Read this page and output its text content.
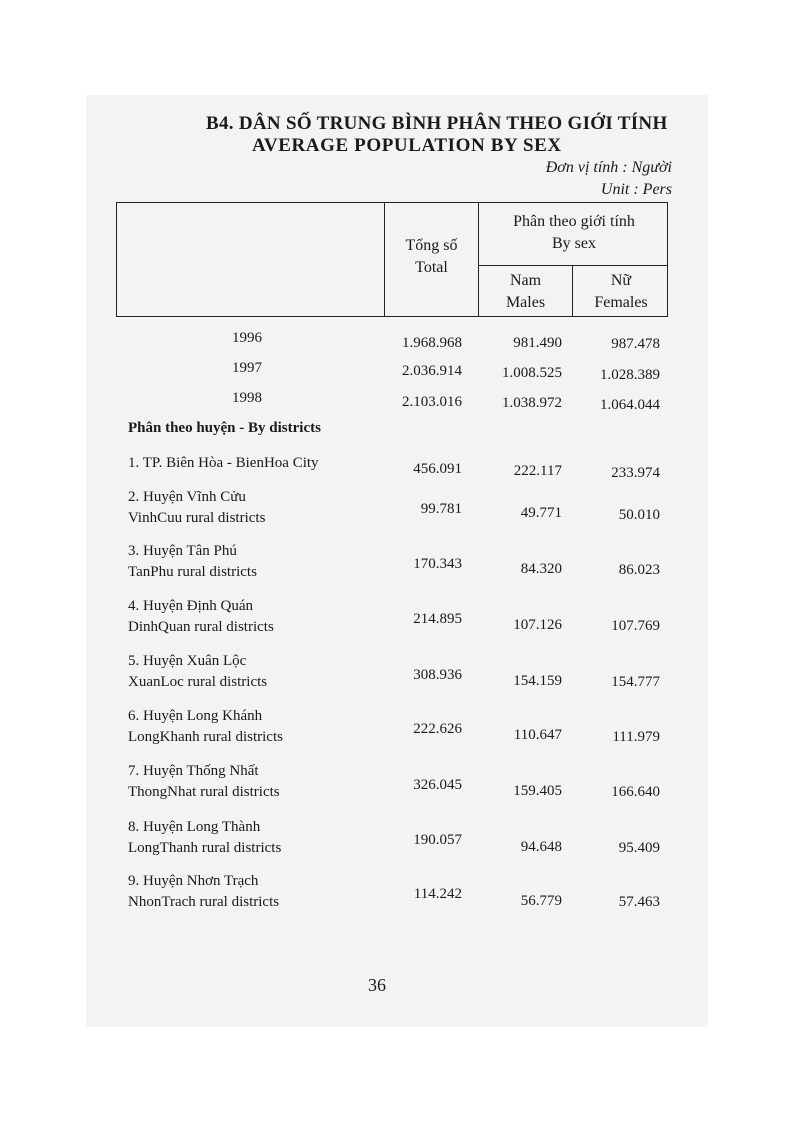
B4. DÂN SỐ TRUNG BÌNH PHÂN THEO GIỚI TÍNH
AVERAGE POPULATION BY SEX
Đơn vị tính : Người
Unit : Pers
Tổng số
Total
Phân theo giới tính
By sex
Nam
Males
Nữ
Females
1996	1.968.968	981.490	987.478
1997	2.036.914	1.008.525	1.028.389
1998	2.103.016	1.038.972	1.064.044
Phân theo huyện - By districts
1. TP. Biên Hòa - BienHoa City	456.091	222.117	233.974
2. Huyện Vĩnh Cửu
VinhCuu rural districts
99.781	49.771	50.010
3. Huyện Tân Phú
TanPhu rural districts	170.343	84.320	86.023
4. Huyện Định Quán
DinhQuan rural districts	214.895	107.126	107.769
5. Huyện Xuân Lộc
XuanLoc rural districts	308.936	154.159	154.777
6. Huyện Long Khánh
LongKhanh rural districts	222.626	110.647	111.979
7. Huyện Thống Nhất
ThongNhat rural districts	326.045	159.405	166.640
8. Huyện Long Thành
LongThanh rural districts	190.057	94.648	95.409
9. Huyện Nhơn Trạch
NhonTrach rural districts	114.242	56.779	57.463
36
